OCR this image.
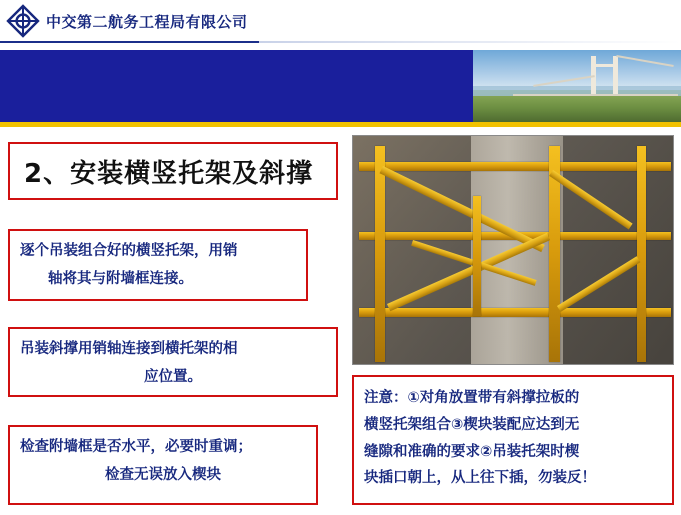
中交第二航务工程局有限公司
2、安装横竖托架及斜撑
逐个吊装组合好的横竖托架，用销
轴将其与附墙框连接。
吊装斜撑用销轴连接到横托架的相
应位置。
检查附墙框是否水平，必要时重调；
检查无误放入楔块
注意：①对角放置带有斜撑拉板的
横竖托架组合③楔块装配应达到无
缝隙和准确的要求②吊装托架时楔
块插口朝上，从上往下插，勿装反！
